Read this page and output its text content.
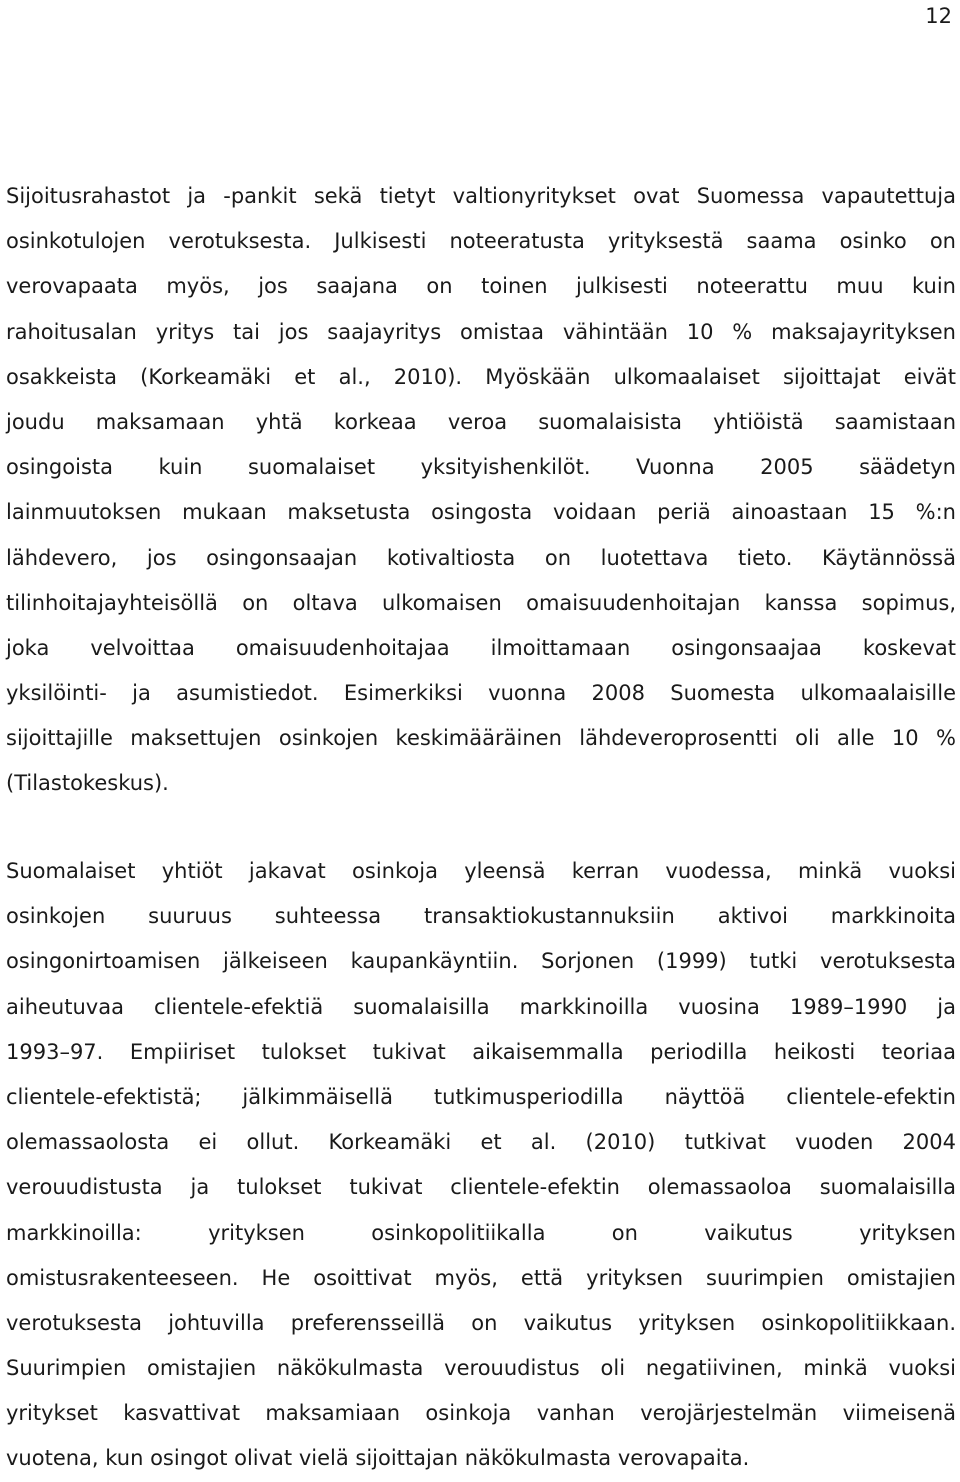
12
Sijoitusrahastot ja -pankit sekä tietyt valtionyritykset ovat Suomessa vapautettuja
osinkotulojen verotuksesta. Julkisesti noteeratusta yrityksestä saama osinko on
verovapaata myös, jos saajana on toinen julkisesti noteerattu muu kuin
rahoitusalan yritys tai jos saajayritys omistaa vähintään 10 % maksajayrityksen
osakkeista (Korkeamäki et al., 2010). Myöskään ulkomaalaiset sijoittajat eivät
joudu maksamaan yhtä korkeaa veroa suomalaisista yhtiöistä saamistaan
osingoista kuin suomalaiset yksityishenkilöt. Vuonna 2005 säädetyn
lainmuutoksen mukaan maksetusta osingosta voidaan periä ainoastaan 15 %:n
lähdevero, jos osingonsaajan kotivaltiosta on luotettava tieto. Käytännössä
tilinhoitajayhteisöllä on oltava ulkomaisen omaisuudenhoitajan kanssa sopimus,
joka velvoittaa omaisuudenhoitajaa ilmoittamaan osingonsaajaa koskevat
yksilöinti- ja asumistiedot. Esimerkiksi vuonna 2008 Suomesta ulkomaalaisille
sijoittajille maksettujen osinkojen keskimääräinen lähdeveroprosentti oli alle 10 %
(Tilastokeskus).
Suomalaiset yhtiöt jakavat osinkoja yleensä kerran vuodessa, minkä vuoksi
osinkojen suuruus suhteessa transaktiokustannuksiin aktivoi markkinoita
osingonirtoamisen jälkeiseen kaupankäyntiin. Sorjonen (1999) tutki verotuksesta
aiheutuvaa clientele-efektiä suomalaisilla markkinoilla vuosina 1989–1990 ja
1993–97. Empiiriset tulokset tukivat aikaisemmalla periodilla heikosti teoriaa
clientele-efektistä; jälkimmäisellä tutkimusperiodilla näyttöä clientele-efektin
olemassaolosta ei ollut. Korkeamäki et al. (2010) tutkivat vuoden 2004
verouudistusta ja tulokset tukivat clientele-efektin olemassaoloa suomalaisilla
markkinoilla: yrityksen osinkopolitiikalla on vaikutus yrityksen
omistusrakenteeseen. He osoittivat myös, että yrityksen suurimpien omistajien
verotuksesta johtuvilla preferensseillä on vaikutus yrityksen osinkopolitiikkaan.
Suurimpien omistajien näkökulmasta verouudistus oli negatiivinen, minkä vuoksi
yritykset kasvattivat maksamiaan osinkoja vanhan verojärjestelmän viimeisenä
vuotena, kun osingot olivat vielä sijoittajan näkökulmasta verovapaita.
